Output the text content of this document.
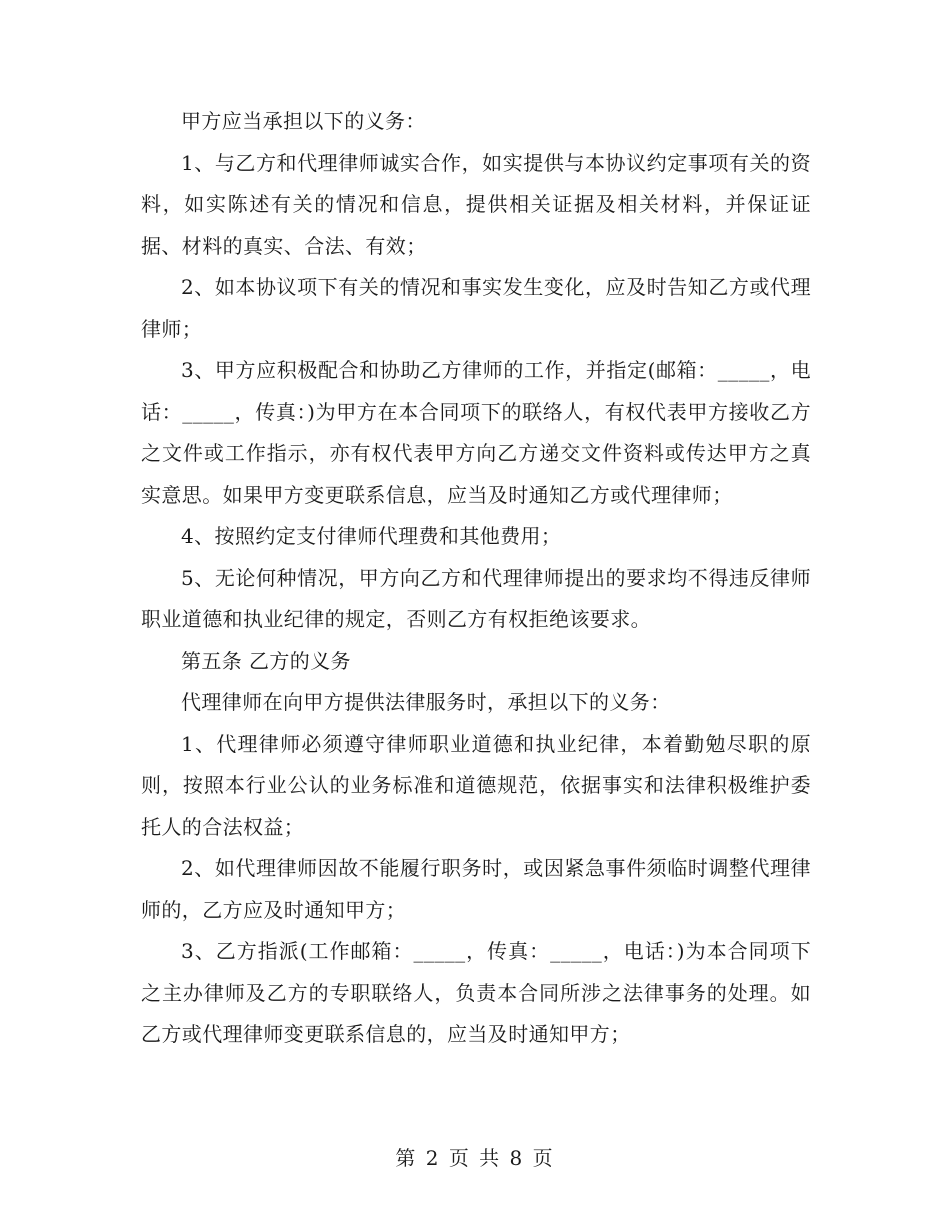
甲方应当承担以下的义务：

1、与乙方和代理律师诚实合作，如实提供与本协议约定事项有关的资料，如实陈述有关的情况和信息，提供相关证据及相关材料，并保证证据、材料的真实、合法、有效；

2、如本协议项下有关的情况和事实发生变化，应及时告知乙方或代理律师；

3、甲方应积极配合和协助乙方律师的工作，并指定(邮箱：_____，电话：_____，传真：)为甲方在本合同项下的联络人，有权代表甲方接收乙方之文件或工作指示，亦有权代表甲方向乙方递交文件资料或传达甲方之真实意思。如果甲方变更联系信息，应当及时通知乙方或代理律师；

4、按照约定支付律师代理费和其他费用；

5、无论何种情况，甲方向乙方和代理律师提出的要求均不得违反律师职业道德和执业纪律的规定，否则乙方有权拒绝该要求。

第五条 乙方的义务

代理律师在向甲方提供法律服务时，承担以下的义务：

1、代理律师必须遵守律师职业道德和执业纪律，本着勤勉尽职的原则，按照本行业公认的业务标准和道德规范，依据事实和法律积极维护委托人的合法权益；

2、如代理律师因故不能履行职务时，或因紧急事件须临时调整代理律师的，乙方应及时通知甲方；

3、乙方指派(工作邮箱：_____，传真：_____，电话：)为本合同项下之主办律师及乙方的专职联络人，负责本合同所涉之法律事务的处理。如乙方或代理律师变更联系信息的，应当及时通知甲方；

第 2 页 共 8 页
